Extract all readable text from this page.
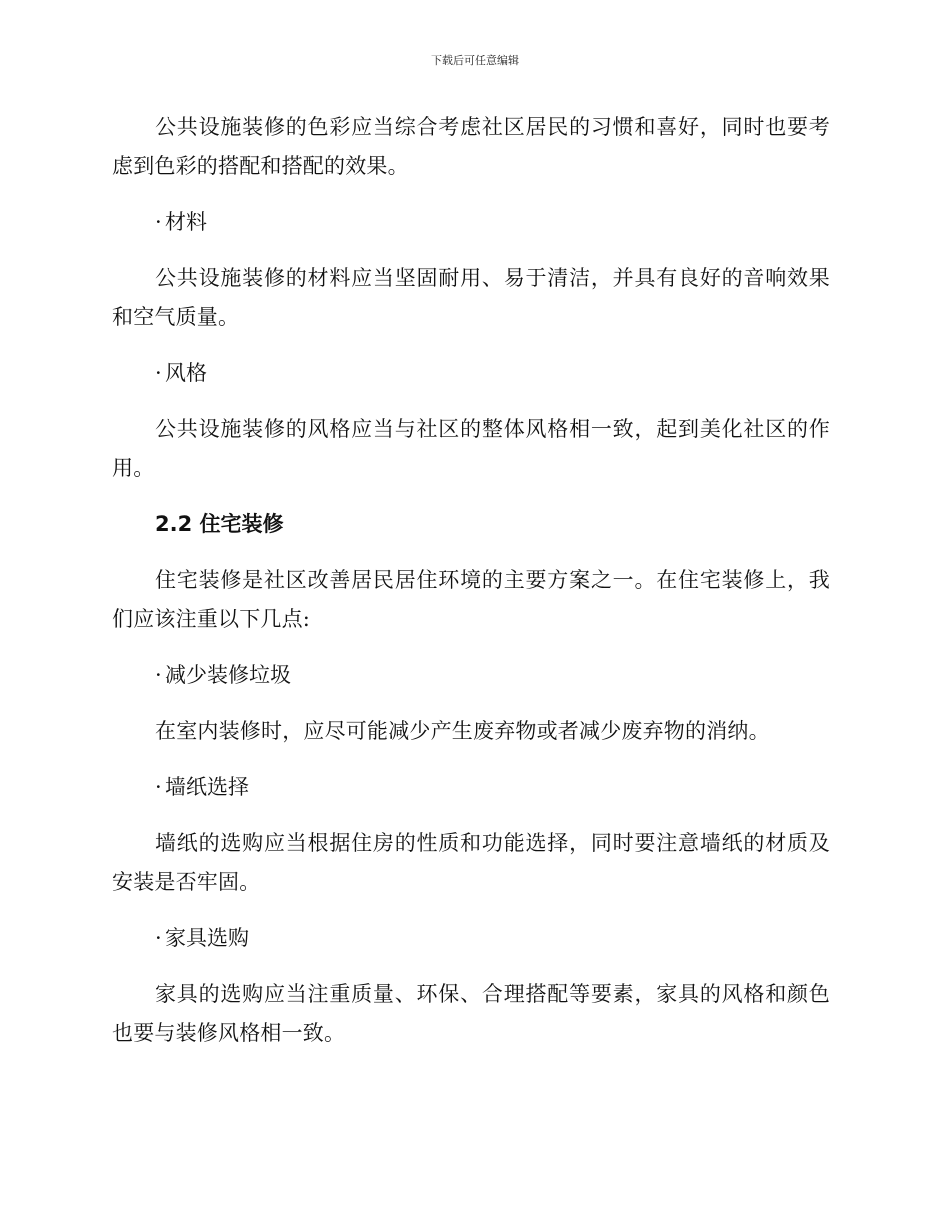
下载后可任意编辑

公共设施装修的色彩应当综合考虑社区居民的习惯和喜好，同时也要考虑到色彩的搭配和搭配的效果。

· 材料

公共设施装修的材料应当坚固耐用、易于清洁，并具有良好的音响效果和空气质量。

· 风格

公共设施装修的风格应当与社区的整体风格相一致，起到美化社区的作用。

2.2 住宅装修

住宅装修是社区改善居民居住环境的主要方案之一。在住宅装修上，我们应该注重以下几点:

· 减少装修垃圾

在室内装修时，应尽可能减少产生废弃物或者减少废弃物的消纳。

· 墙纸选择

墙纸的选购应当根据住房的性质和功能选择，同时要注意墙纸的材质及安装是否牢固。

· 家具选购

家具的选购应当注重质量、环保、合理搭配等要素，家具的风格和颜色也要与装修风格相一致。
